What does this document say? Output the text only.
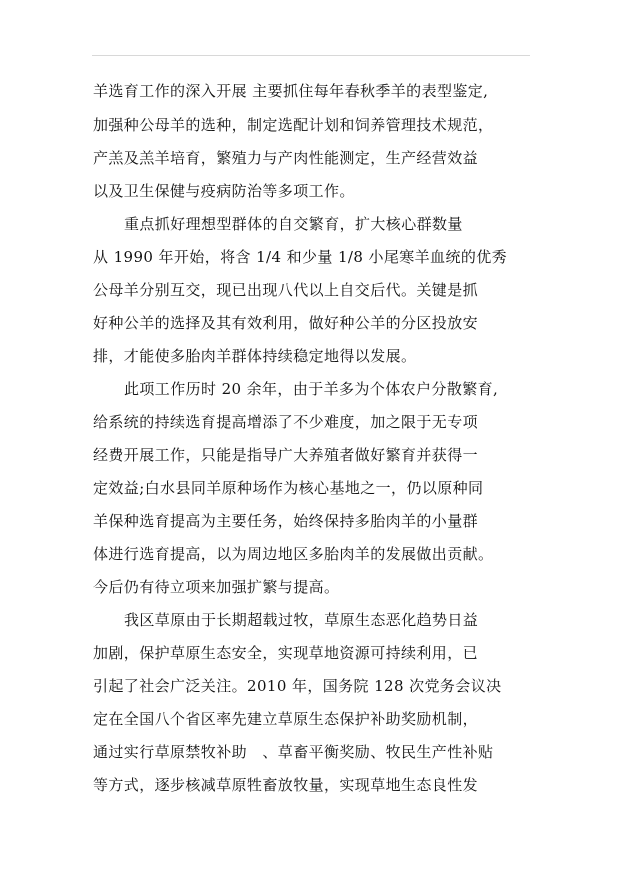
羊选育工作的深入开展 主要抓住每年春秋季羊的表型鉴定,
加强种公母羊的选种，制定选配计划和饲养管理技术规范，
产羔及羔羊培育，繁殖力与产肉性能测定，生产经营效益
以及卫生保健与疫病防治等多项工作。
重点抓好理想型群体的自交繁育，扩大核心群数量
从 1990 年开始，将含 1/4 和少量 1/8 小尾寒羊血统的优秀
公母羊分别互交，现已出现八代以上自交后代。关键是抓
好种公羊的选择及其有效利用，做好种公羊的分区投放安
排，才能使多胎肉羊群体持续稳定地得以发展。
此项工作历时 20 余年，由于羊多为个体农户分散繁育,
给系统的持续选育提高增添了不少难度，加之限于无专项
经费开展工作，只能是指导广大养殖者做好繁育并获得一
定效益;白水县同羊原种场作为核心基地之一，仍以原种同
羊保种选育提高为主要任务，始终保持多胎肉羊的小量群
体进行选育提高，以为周边地区多胎肉羊的发展做出贡献。
今后仍有待立项来加强扩繁与提高。
我区草原由于长期超载过牧，草原生态恶化趋势日益
加剧，保护草原生态安全，实现草地资源可持续利用，已
引起了社会广泛关注。2010 年，国务院 128 次党务会议决
定在全国八个省区率先建立草原生态保护补助奖励机制，
通过实行草原禁牧补助　、草畜平衡奖励、牧民生产性补贴
等方式，逐步核减草原牲畜放牧量，实现草地生态良性发
